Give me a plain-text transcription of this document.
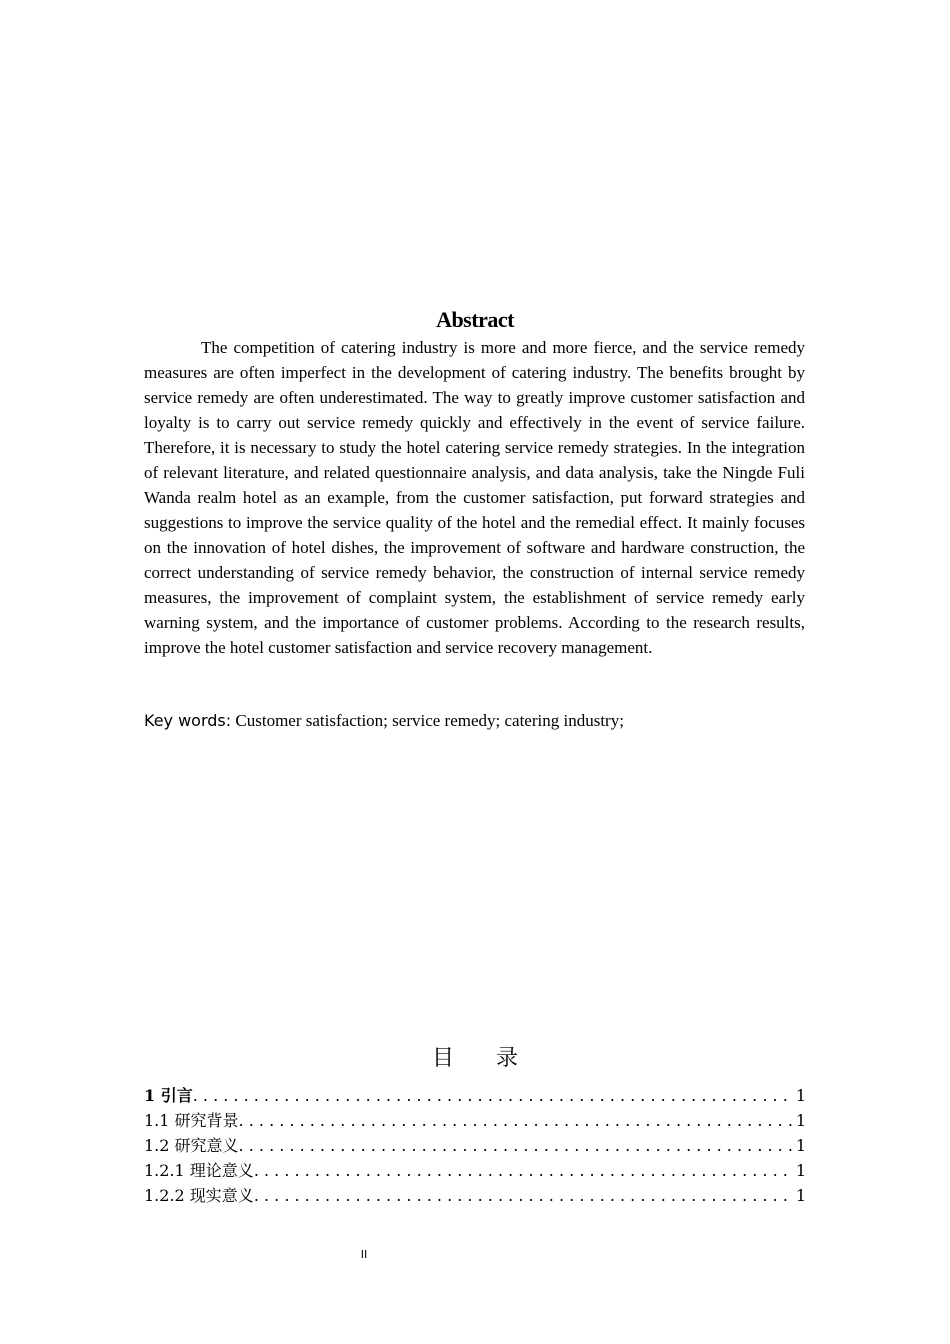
Abstract

The competition of catering industry is more and more fierce, and the service remedy measures are often imperfect in the development of catering industry. The benefits brought by service remedy are often underestimated. The way to greatly improve customer satisfaction and loyalty is to carry out service remedy quickly and effectively in the event of service failure. Therefore, it is necessary to study the hotel catering service remedy strategies. In the integration of relevant literature, and related questionnaire analysis, and data analysis, take the Ningde Fuli Wanda realm hotel as an example, from the customer satisfaction, put forward strategies and suggestions to improve the service quality of the hotel and the remedial effect. It mainly focuses on the innovation of hotel dishes, the improvement of software and hardware construction, the correct understanding of service remedy behavior, the construction of internal service remedy measures, the improvement of complaint system, the establishment of service remedy early warning system, and the importance of customer problems. According to the research results, improve the hotel customer satisfaction and service recovery management.

Key words: Customer satisfaction; service remedy; catering industry;
目录
1 引言 . . .	1
1.1 研究背景 . . .	1
1.2 研究意义 . . .	1
1.2.1 理论意义 . . .	1
1.2.2 现实意义 . . .	1
II
